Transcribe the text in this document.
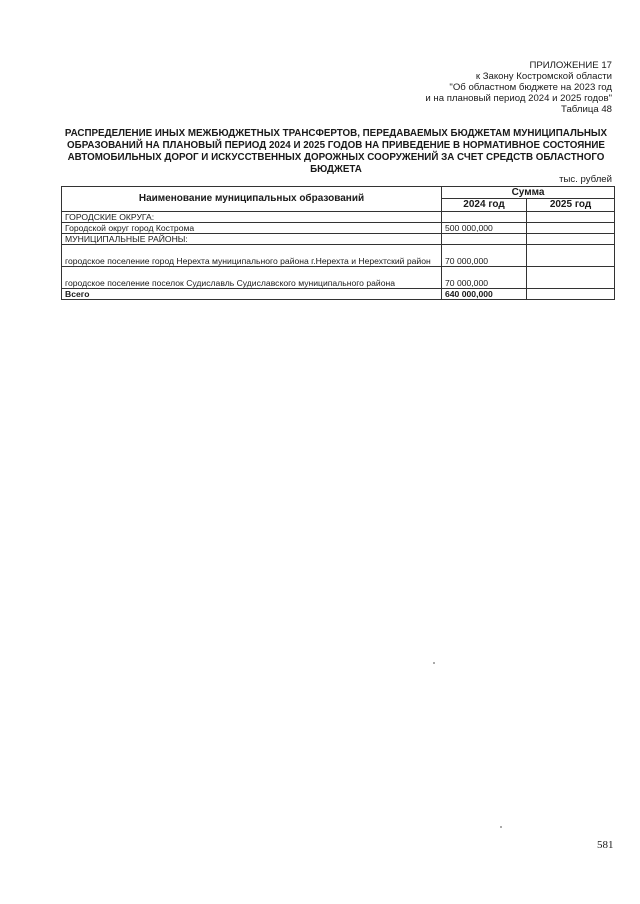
ПРИЛОЖЕНИЕ 17
к Закону Костромской области
"Об областном бюджете на 2023 год
и на плановый период 2024 и 2025 годов"
Таблица 48
РАСПРЕДЕЛЕНИЕ ИНЫХ МЕЖБЮДЖЕТНЫХ ТРАНСФЕРТОВ, ПЕРЕДАВАЕМЫХ БЮДЖЕТАМ МУНИЦИПАЛЬНЫХ
ОБРАЗОВАНИЙ НА ПЛАНОВЫЙ ПЕРИОД 2024 И 2025 ГОДОВ НА ПРИВЕДЕНИЕ В НОРМАТИВНОЕ СОСТОЯНИЕ
АВТОМОБИЛЬНЫХ ДОРОГ И ИСКУССТВЕННЫХ ДОРОЖНЫХ СООРУЖЕНИЙ ЗА СЧЕТ СРЕДСТВ ОБЛАСТНОГО
БЮДЖЕТА
тыс. рублей
Наименование муниципальных образований	Сумма	
	2024 год	2025 год
ГОРОДСКИЕ ОКРУГА:		
Городской округ город Кострома	500 000,000	
МУНИЦИПАЛЬНЫЕ РАЙОНЫ:		
городское поселение город Нерехта муниципального района г.Нерехта и Нерехтский район	70 000,000	
городское поселение поселок Судиславль Судиславского муниципального района	70 000,000	
Всего	640 000,000	
581
